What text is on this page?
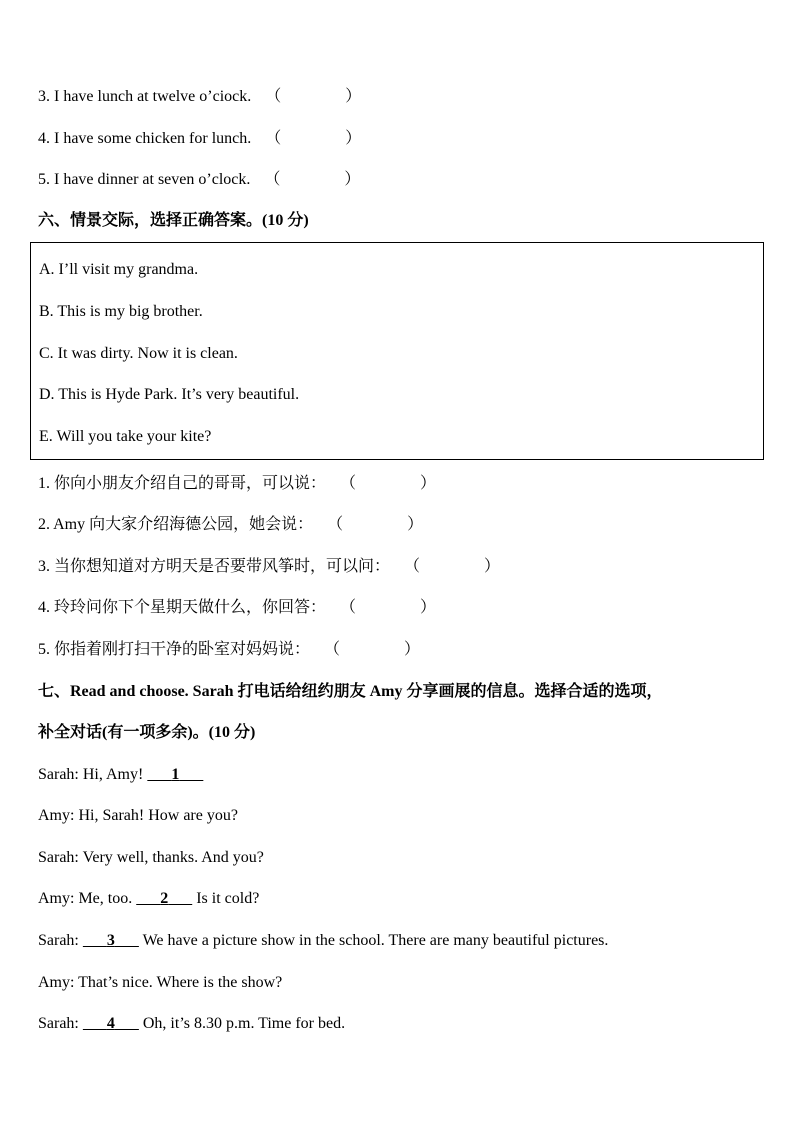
3. I have lunch at twelve o’ciock. （　　　　）
4. I have some chicken for lunch. （　　　　）
5. I have dinner at seven o’clock. （　　　　）
六、情景交际，选择正确答案。(10 分)
A. I’ll visit my grandma.
B. This is my big brother.
C. It was dirty. Now it is clean.
D. This is Hyde Park. It’s very beautiful.
E. Will you take your kite?
1. 你向小朋友介绍自己的哥哥，可以说： （　　　　）
2. Amy 向大家介绍海德公园，她会说： （　　　　）
3. 当你想知道对方明天是否要带风筝时，可以问： （　　　　）
4. 玲玲问你下个星期天做什么，你回答： （　　　　）
5. 你指着刚打扫干净的卧室对妈妈说： （　　　　）
七、Read and choose. Sarah 打电话给纽约朋友 Amy 分享画展的信息。选择合适的选项，
补全对话(有一项多余)。(10 分)
Sarah: Hi, Amy!       1
Amy: Hi, Sarah! How are you?
Sarah: Very well, thanks. And you?
Amy: Me, too.       2       Is it cold?
Sarah:       3       We have a picture show in the school. There are many beautiful pictures.
Amy: That’s nice. Where is the show?
Sarah:       4       Oh, it’s 8.30 p.m. Time for bed.
